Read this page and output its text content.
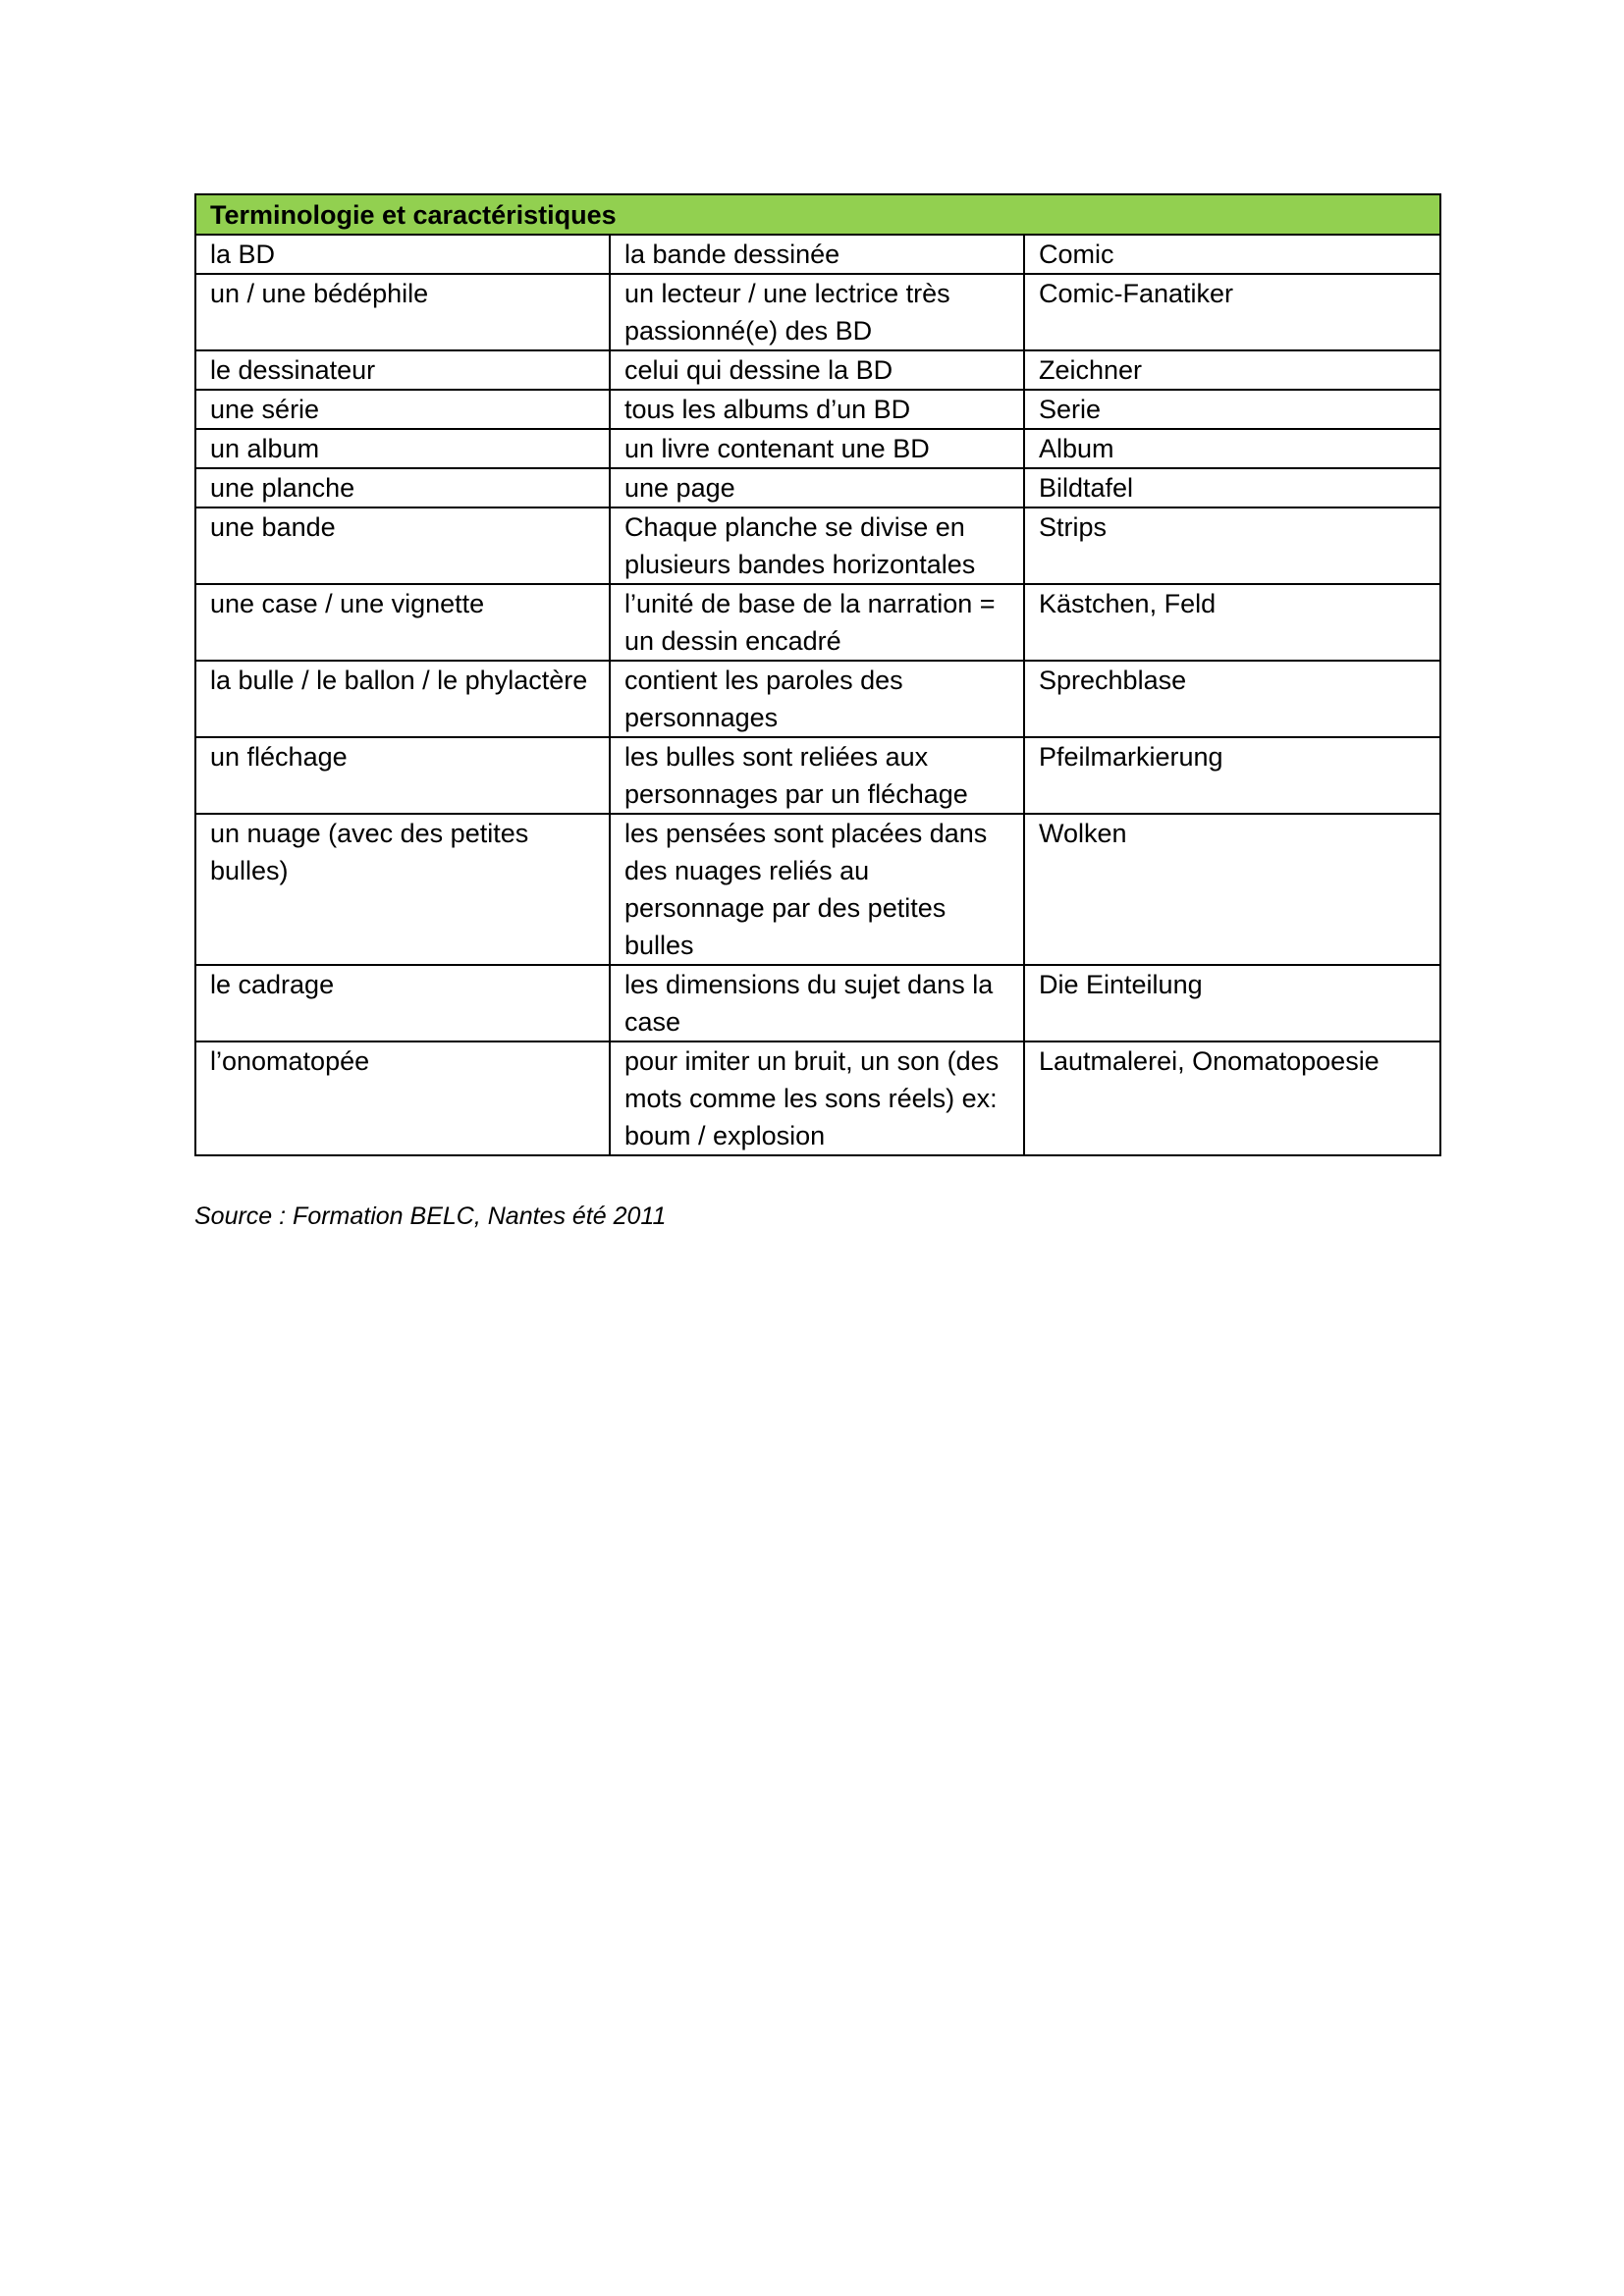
Terminologie et caractéristiques		
la BD	la bande dessinée	Comic
un / une bédéphile	un lecteur / une lectrice très passionné(e) des BD	Comic-Fanatiker
le dessinateur	celui qui dessine la BD	Zeichner
une série	tous les albums d’un BD	Serie
un album	un livre contenant une BD	Album
une planche	une page	Bildtafel
une bande	Chaque planche se divise en plusieurs bandes horizontales	Strips
une case / une vignette	l’unité de base de la narration = un dessin encadré	Kästchen, Feld
la bulle / le ballon / le phylactère	contient les paroles des personnages	Sprechblase
un fléchage	les bulles sont reliées aux personnages par un fléchage	Pfeilmarkierung
un nuage (avec des petites bulles)	les pensées sont placées dans des nuages reliés au personnage par des petites bulles	Wolken
le cadrage	les dimensions du sujet dans la case	Die Einteilung
l’onomatopée	pour imiter un bruit, un son (des mots comme les sons réels) ex: boum / explosion	Lautmalerei, Onomatopoesie
Source : Formation BELC, Nantes été 2011
